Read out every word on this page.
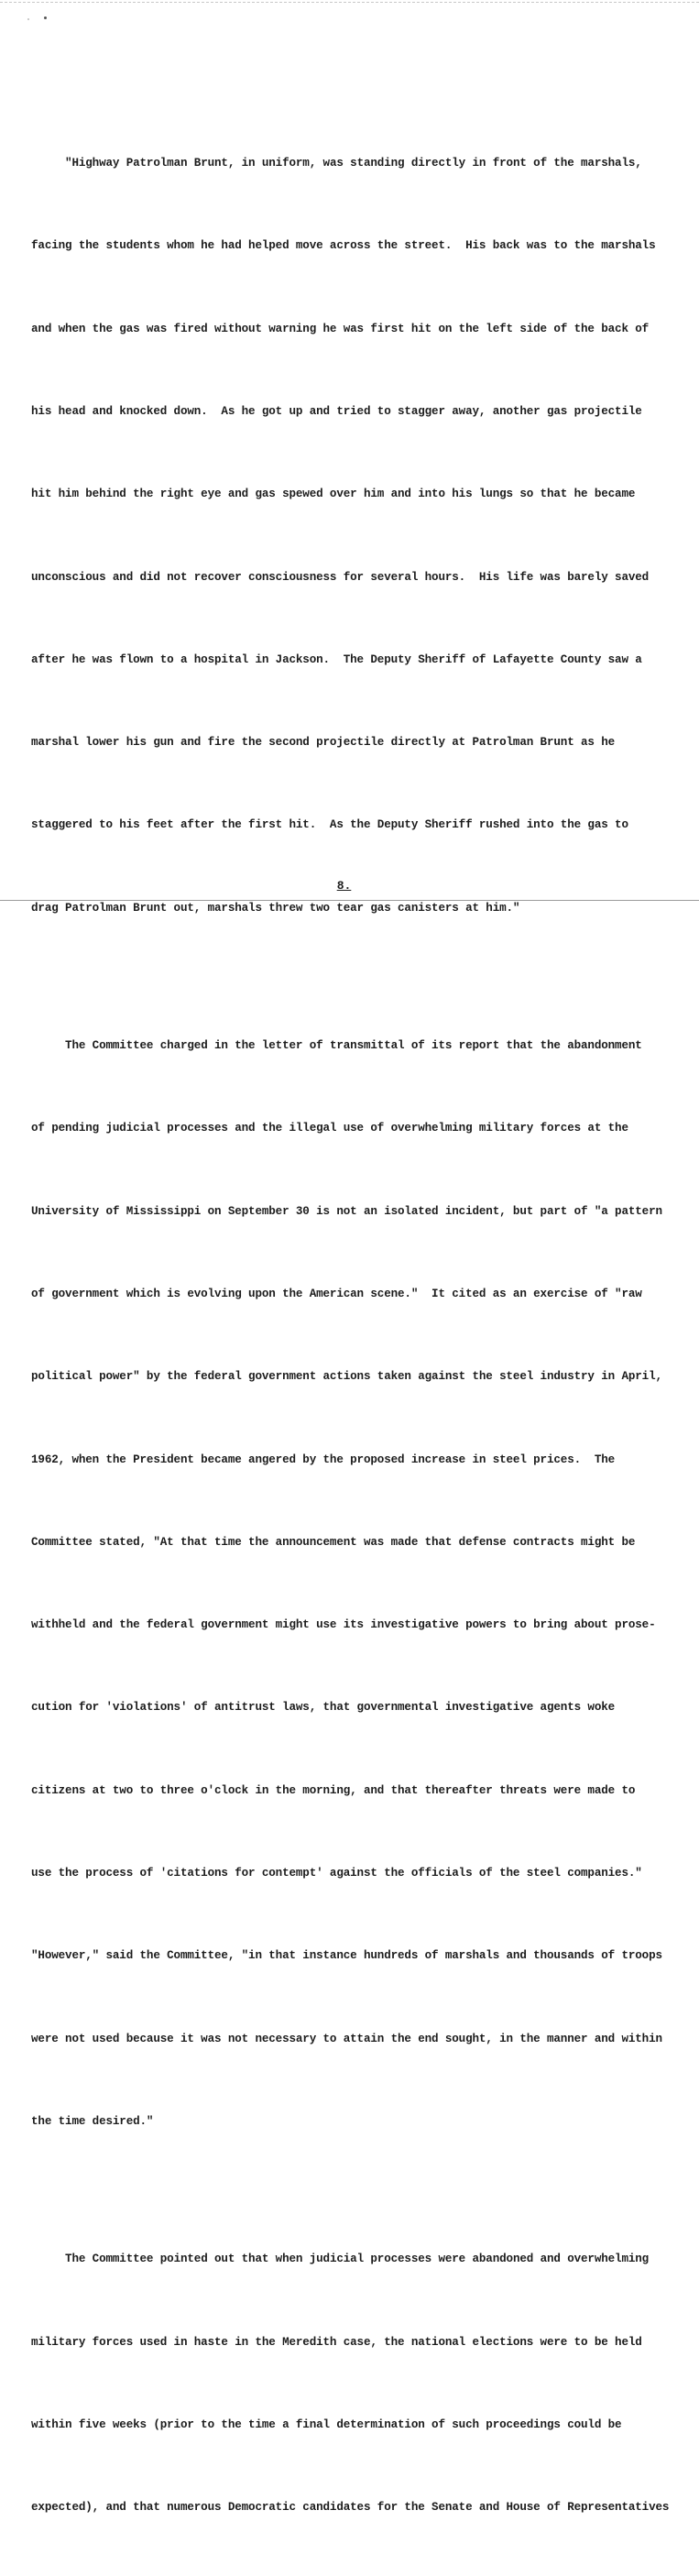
"Highway Patrolman Brunt, in uniform, was standing directly in front of the marshals,

facing the students whom he had helped move across the street.  His back was to the marshals

and when the gas was fired without warning he was first hit on the left side of the back of

his head and knocked down.  As he got up and tried to stagger away, another gas projectile

hit him behind the right eye and gas spewed over him and into his lungs so that he became

unconscious and did not recover consciousness for several hours.  His life was barely saved

after he was flown to a hospital in Jackson.  The Deputy Sheriff of Lafayette County saw a

marshal lower his gun and fire the second projectile directly at Patrolman Brunt as he

staggered to his feet after the first hit.  As the Deputy Sheriff rushed into the gas to

drag Patrolman Brunt out, marshals threw two tear gas canisters at him."

The Committee charged in the letter of transmittal of its report that the abandonment

of pending judicial processes and the illegal use of overwhelming military forces at the

University of Mississippi on September 30 is not an isolated incident, but part of "a pattern

of government which is evolving upon the American scene."  It cited as an exercise of "raw

political power" by the federal government actions taken against the steel industry in April,

1962, when the President became angered by the proposed increase in steel prices.  The

Committee stated, "At that time the announcement was made that defense contracts might be

withheld and the federal government might use its investigative powers to bring about prose-

cution for 'violations' of antitrust laws, that governmental investigative agents woke

citizens at two to three o'clock in the morning, and that thereafter threats were made to

use the process of 'citations for contempt' against the officials of the steel companies."

"However," said the Committee, "in that instance hundreds of marshals and thousands of troops

were not used because it was not necessary to attain the end sought, in the manner and within

the time desired."

The Committee pointed out that when judicial processes were abandoned and overwhelming

military forces used in haste in the Meredith case, the national elections were to be held

within five weeks (prior to the time a final determination of such proceedings could be

expected), and that numerous Democratic candidates for the Senate and House of Representatives

8.
